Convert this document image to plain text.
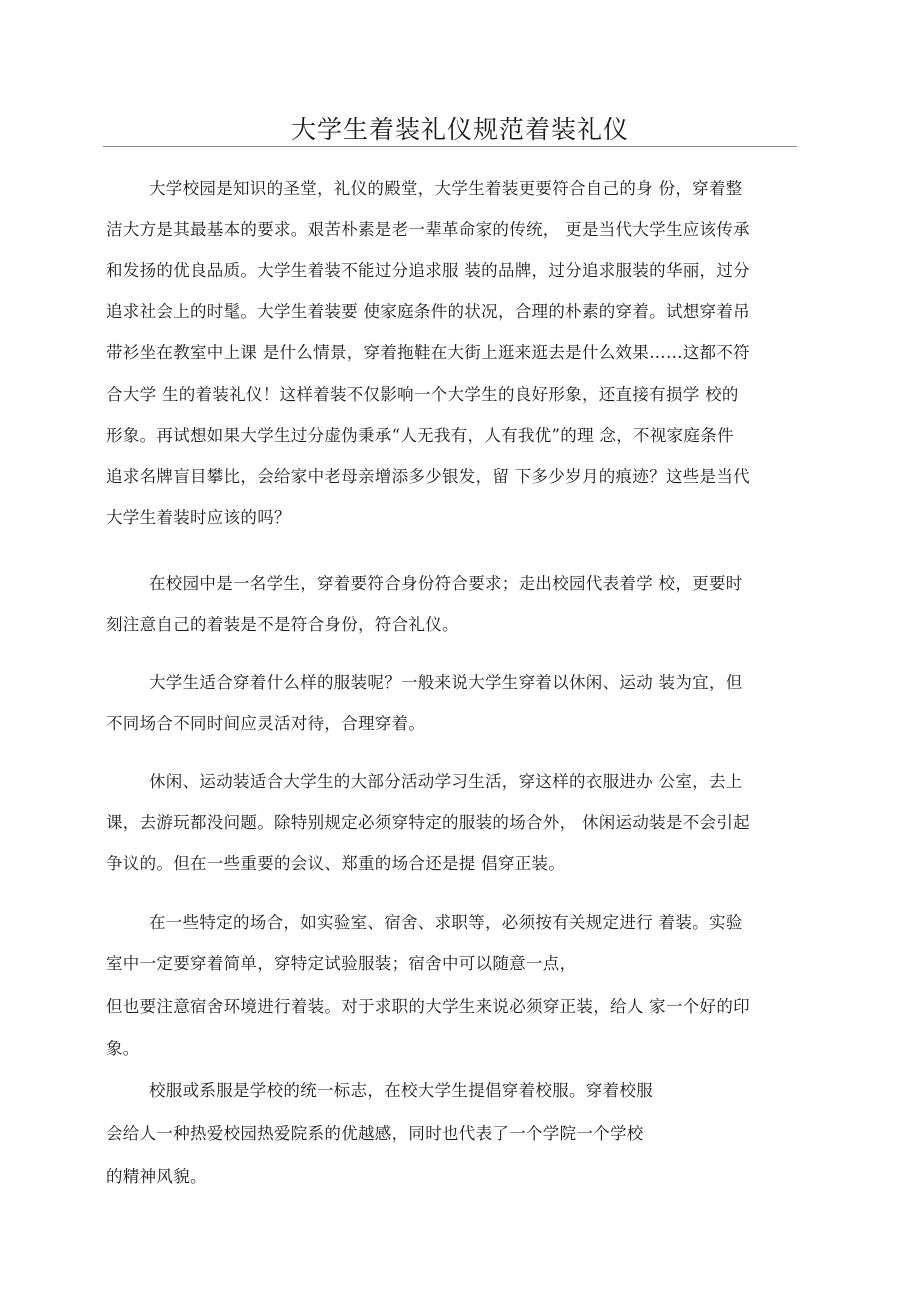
大学生着装礼仪规范着装礼仪
大学校园是知识的圣堂，礼仪的殿堂，大学生着装更要符合自己的身 份，穿着整
洁大方是其最基本的要求。艰苦朴素是老一辈革命家的传统， 更是当代大学生应该传承
和发扬的优良品质。大学生着装不能过分追求服 装的品牌，过分追求服装的华丽，过分
追求社会上的时髦。大学生着装要 使家庭条件的状况，合理的朴素的穿着。试想穿着吊
带衫坐在教室中上课 是什么情景，穿着拖鞋在大街上逛来逛去是什么效果……这都不符
合大学 生的着装礼仪！这样着装不仅影响一个大学生的良好形象，还直接有损学 校的
形象。再试想如果大学生过分虚伪秉承“人无我有，人有我优”的理 念，不视家庭条件
追求名牌盲目攀比，会给家中老母亲增添多少银发，留 下多少岁月的痕迹？这些是当代
大学生着装时应该的吗？
在校园中是一名学生，穿着要符合身份符合要求；走出校园代表着学 校，更要时
刻注意自己的着装是不是符合身份，符合礼仪。
大学生适合穿着什么样的服装呢？一般来说大学生穿着以休闲、运动 装为宜，但
不同场合不同时间应灵活对待，合理穿着。
休闲、运动装适合大学生的大部分活动学习生活，穿这样的衣服进办 公室，去上
课，去游玩都没问题。除特别规定必须穿特定的服装的场合外， 休闲运动装是不会引起
争议的。但在一些重要的会议、郑重的场合还是提 倡穿正装。
在一些特定的场合，如实验室、宿舍、求职等，必须按有关规定进行 着装。实验
室中一定要穿着简单，穿特定试验服装；宿舍中可以随意一点，
但也要注意宿舍环境进行着装。对于求职的大学生来说必须穿正装，给人 家一个好的印
象。
校服或系服是学校的统一标志，在校大学生提倡穿着校服。穿着校服
会给人一种热爱校园热爱院系的优越感，同时也代表了一个学院一个学校
的精神风貌。
